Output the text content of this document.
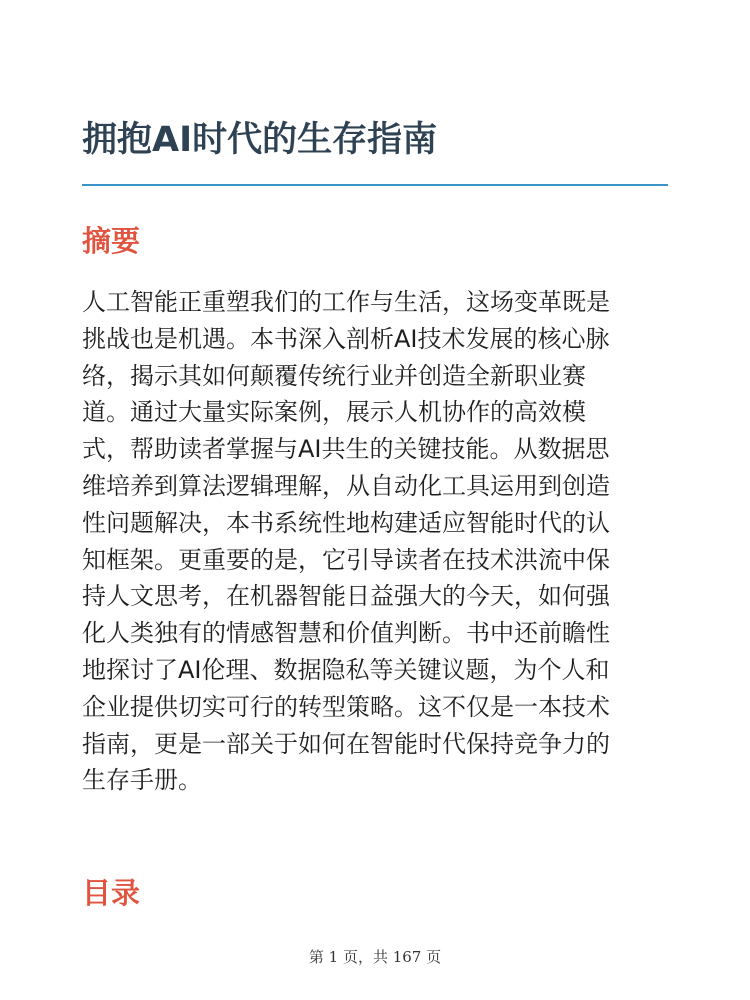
拥抱AI时代的生存指南
摘要
人工智能正重塑我们的工作与生活，这场变革既是
挑战也是机遇。本书深入剖析AI技术发展的核心脉
络，揭示其如何颠覆传统行业并创造全新职业赛
道。通过大量实际案例，展示人机协作的高效模
式，帮助读者掌握与AI共生的关键技能。从数据思
维培养到算法逻辑理解，从自动化工具运用到创造
性问题解决，本书系统性地构建适应智能时代的认
知框架。更重要的是，它引导读者在技术洪流中保
持人文思考，在机器智能日益强大的今天，如何强
化人类独有的情感智慧和价值判断。书中还前瞻性
地探讨了AI伦理、数据隐私等关键议题，为个人和
企业提供切实可行的转型策略。这不仅是一本技术
指南，更是一部关于如何在智能时代保持竞争力的
生存手册。
目录
第 1 页，共 167 页
